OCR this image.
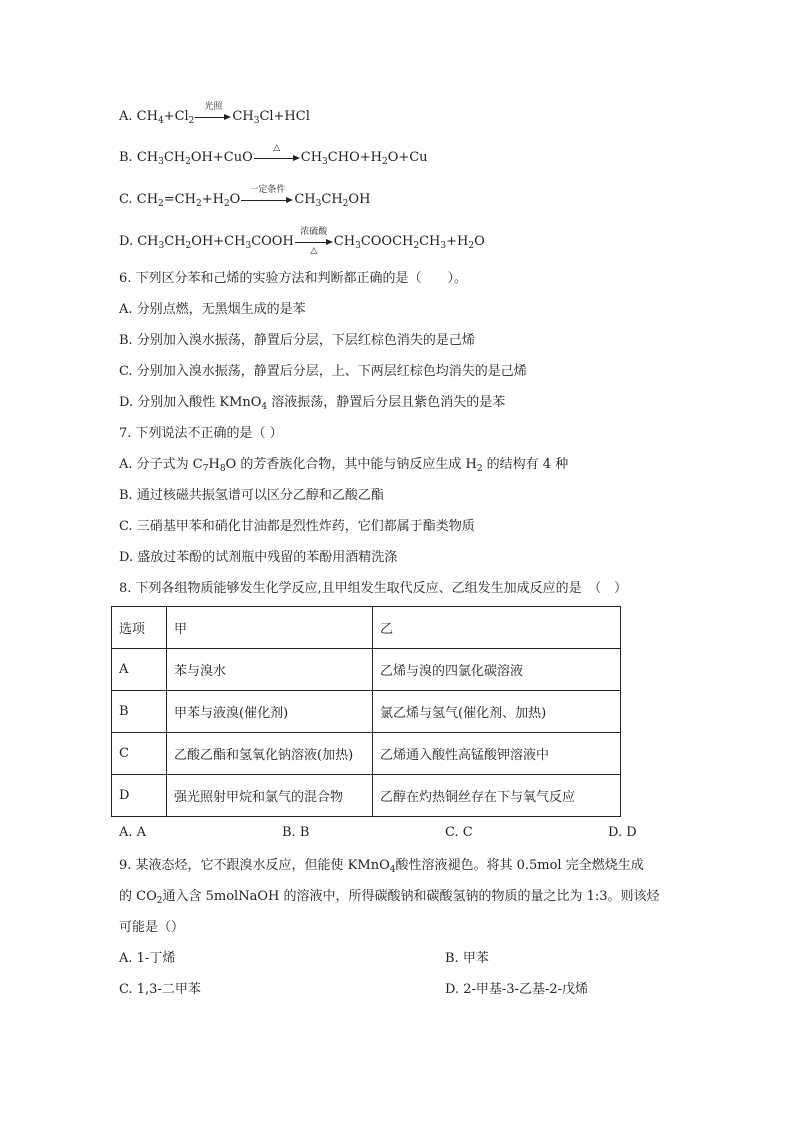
A. $CH_4+Cl_2$
光照
$CH_3Cl+HCl$
B. $CH_3CH_2OH+CuO$
△
$CH_3CHO+H_2O+Cu$
C. $CH_2=CH_2+H_2O$
一定条件
$CH_3CH_2OH$
D. $CH_3CH_2OH+CH_3COOH$
浓硫酸
△
$CH_3COOCH_2CH_3+H_2O$
6. 下列区分苯和己烯的实验方法和判断都正确的是（　　）。
A. 分别点燃，无黑烟生成的是苯
B. 分别加入溴水振荡，静置后分层，下层红棕色消失的是己烯
C. 分别加入溴水振荡，静置后分层，上、下两层红棕色均消失的是己烯
D. 分别加入酸性 KMnO$_4$ 溶液振荡，静置后分层且紫色消失的是苯
7. 下列说法不正确的是（ ）
A. 分子式为 $C_7H_8O$ 的芳香族化合物，其中能与钠反应生成 $H_2$ 的结构有 4 种
B. 通过核磁共振氢谱可以区分乙醇和乙酸乙酯
C. 三硝基甲苯和硝化甘油都是烈性炸药，它们都属于酯类物质
D. 盛放过苯酚的试剂瓶中残留的苯酚用酒精洗涤
8. 下列各组物质能够发生化学反应,且甲组发生取代反应、乙组发生加成反应的是　（　）
选项	甲	乙
A	苯与溴水	乙烯与溴的四氯化碳溶液
B	甲苯与液溴(催化剂)	氯乙烯与氢气(催化剂、加热)
C	乙酸乙酯和氢氧化钠溶液(加热)	乙烯通入酸性高锰酸钾溶液中
D	强光照射甲烷和氯气的混合物	乙醇在灼热铜丝存在下与氧气反应
A. A	B. B	C. C	D. D
9. 某液态烃，它不跟溴水反应，但能使 KMnO$_4$酸性溶液褪色。将其 0.5mol 完全燃烧生成
的 $CO_2$通入含 5molNaOH 的溶液中，所得碳酸钠和碳酸氢钠的物质的量之比为 1:3。则该烃
可能是（）
A. 1-丁烯	B. 甲苯
C. 1,3-二甲苯	D. 2-甲基-3-乙基-2-戊烯
